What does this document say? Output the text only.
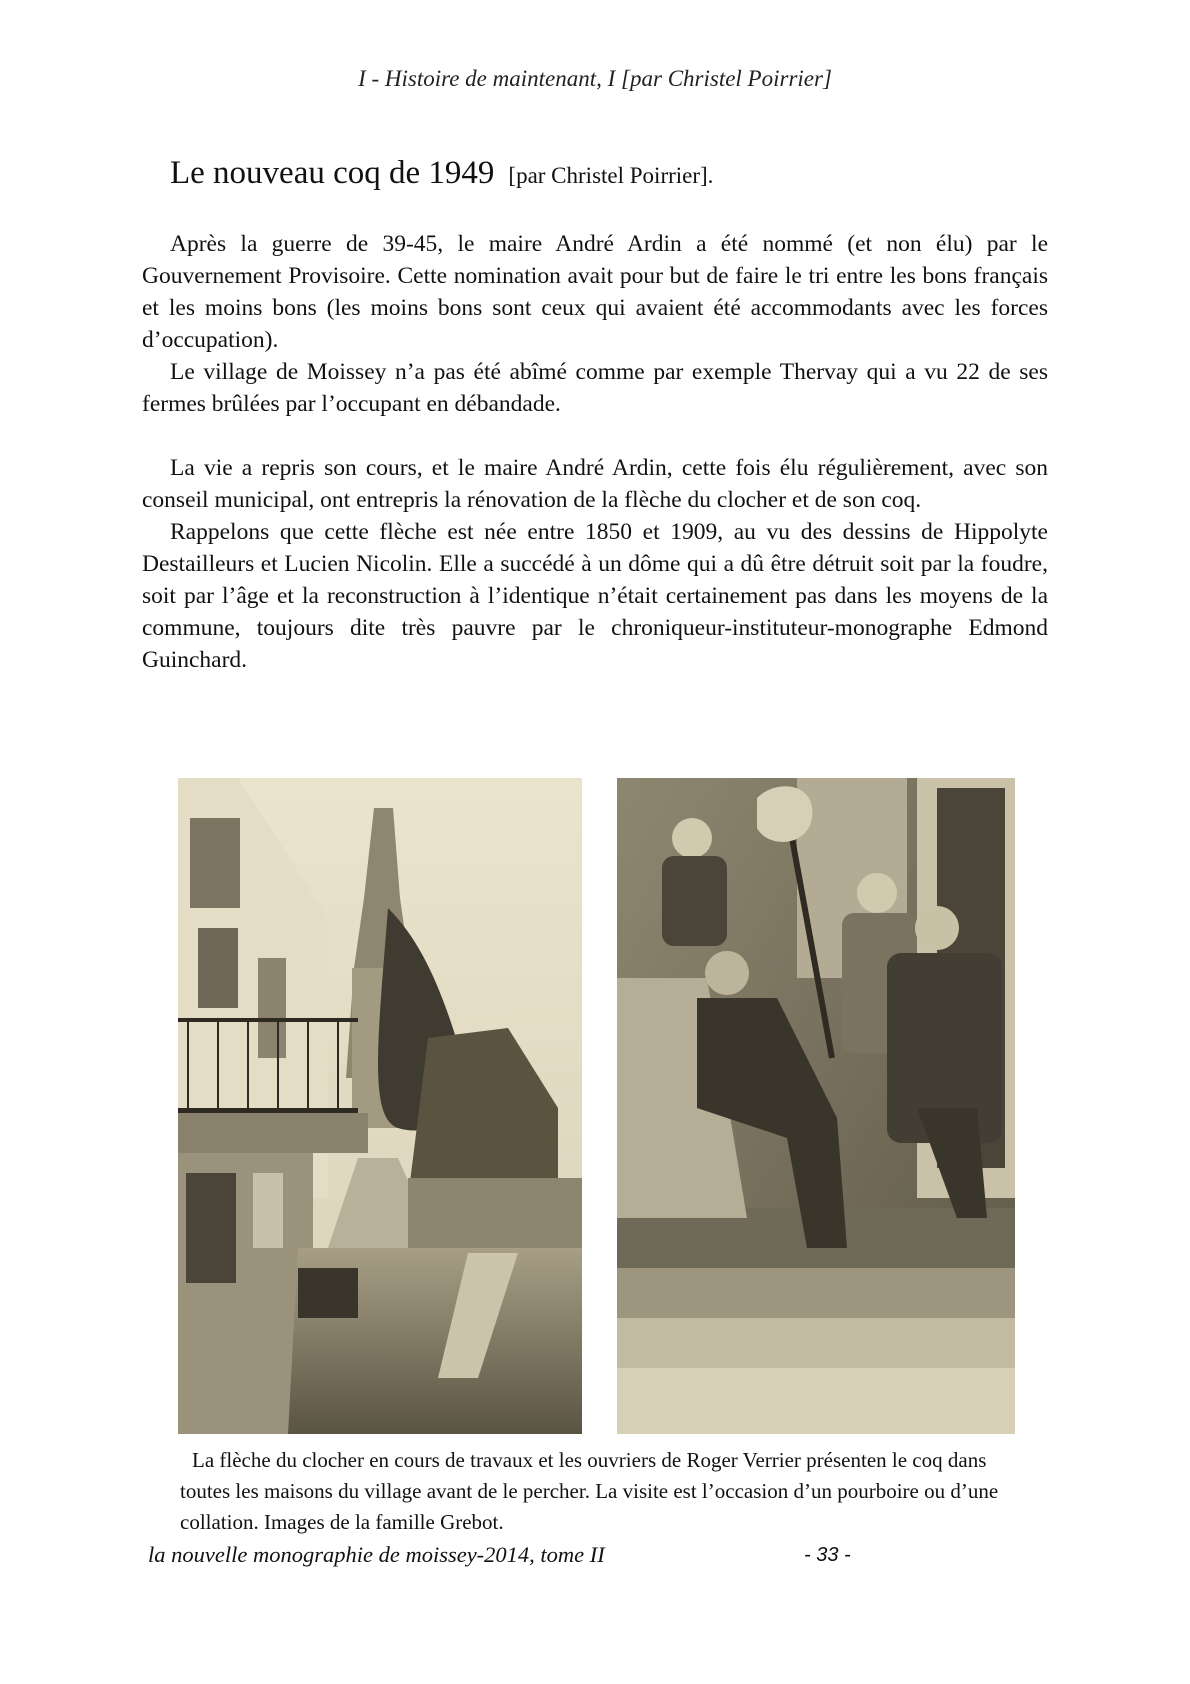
I - Histoire de maintenant, I [par Christel Poirrier]
Le nouveau coq de 1949 [par Christel Poirrier].

Après la guerre de 39-45, le maire André Ardin a été nommé (et non élu) par le Gouvernement Provisoire. Cette nomination avait pour but de faire le tri entre les bons français et les moins bons (les moins bons sont ceux qui avaient été accommodants avec les forces d’occupation).

Le village de Moissey n’a pas été abîmé comme par exemple Thervay qui a vu 22 de ses fermes brûlées par l’occupant en débandade.

La vie a repris son cours, et le maire André Ardin, cette fois élu régulièrement, avec son conseil municipal, ont entrepris la rénovation de la flèche du clocher et de son coq.

Rappelons que cette flèche est née entre 1850 et 1909, au vu des dessins de Hippolyte Destailleurs et Lucien Nicolin. Elle a succédé à un dôme qui a dû être détruit soit par la foudre, soit par l’âge et la reconstruction à l’identique n’était certainement pas dans les moyens de la commune, toujours dite très pauvre par le chroniqueur-instituteur-monographe Edmond Guinchard.

La flèche du clocher en cours de travaux et les ouvriers de Roger Verrier présenten le coq dans toutes les maisons du village avant de le percher. La visite est l’occasion d’un pourboire ou d’une collation. Images de la famille Grebot.

la nouvelle monographie de moissey-2014, tome II	- 33 -
